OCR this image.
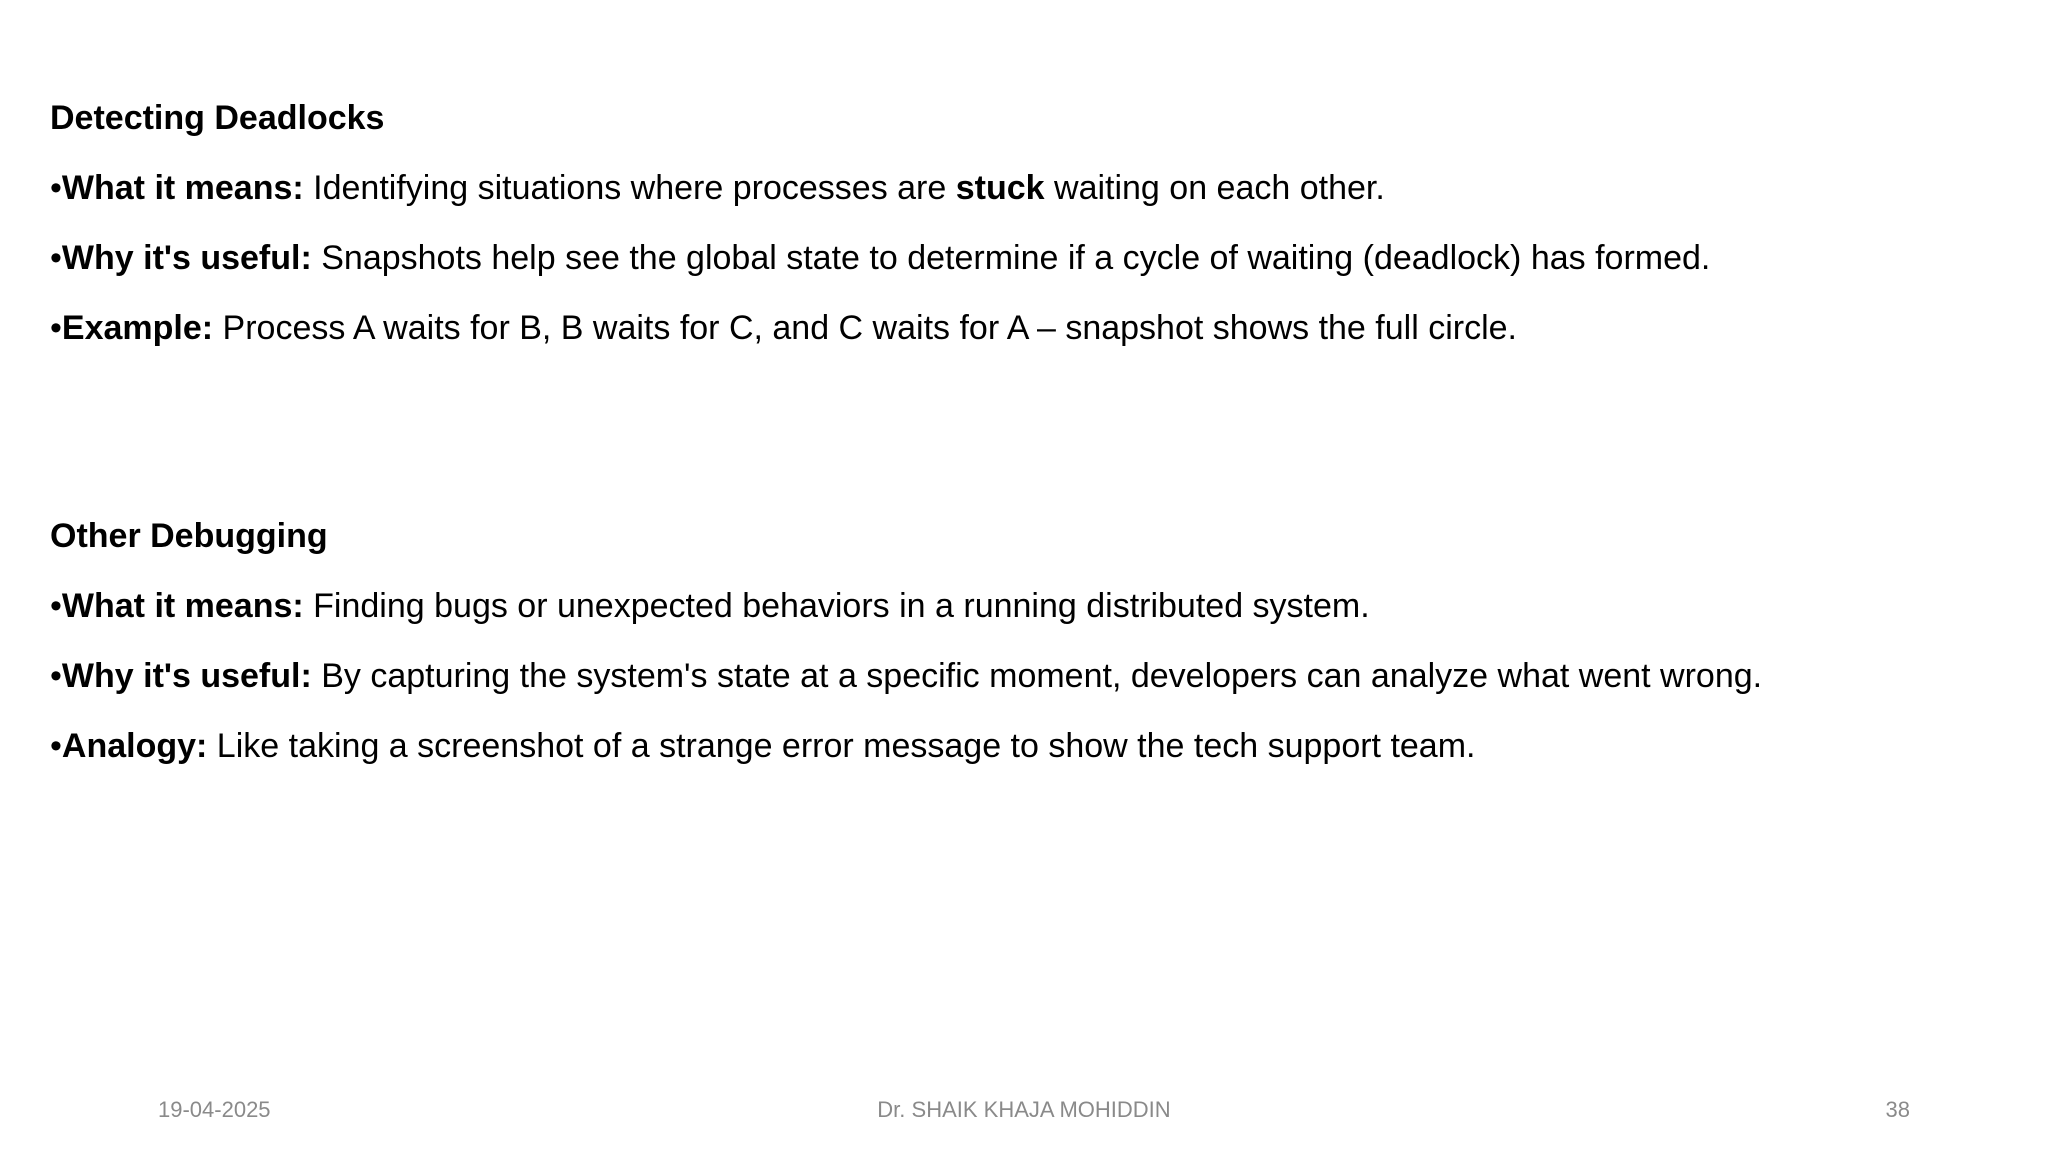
Detecting Deadlocks
•What it means: Identifying situations where processes are stuck waiting on each other.
•Why it's useful: Snapshots help see the global state to determine if a cycle of waiting (deadlock) has formed.
•Example: Process A waits for B, B waits for C, and C waits for A – snapshot shows the full circle.
Other Debugging
•What it means: Finding bugs or unexpected behaviors in a running distributed system.
•Why it's useful: By capturing the system's state at a specific moment, developers can analyze what went wrong.
•Analogy: Like taking a screenshot of a strange error message to show the tech support team.
19-04-2025	Dr. SHAIK KHAJA MOHIDDIN	38
